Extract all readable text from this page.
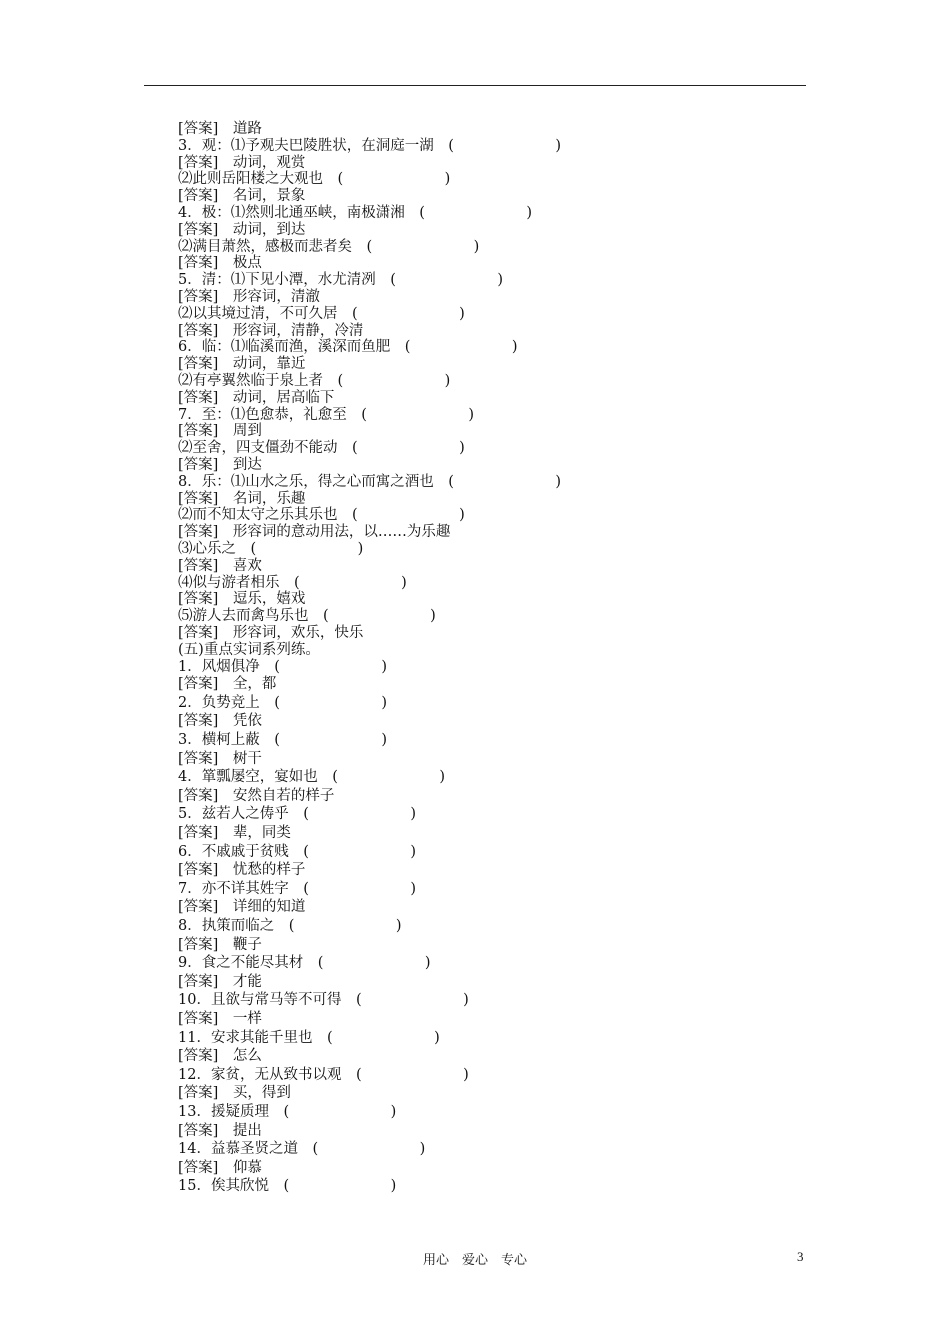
[答案]　道路
3．观：⑴予观夫巴陵胜状，在洞庭一湖　(　　　　　　　)
[答案]　动词，观赏
⑵此则岳阳楼之大观也　(　　　　　　　)
[答案]　名词，景象
4．极：⑴然则北通巫峡，南极潇湘　(　　　　　　　)
[答案]　动词，到达
⑵满目萧然，感极而悲者矣　(　　　　　　　)
[答案]　极点
5．清：⑴下见小潭，水尤清冽　(　　　　　　　)
[答案]　形容词，清澈
⑵以其境过清，不可久居　(　　　　　　　)
[答案]　形容词，清静，冷清
6．临：⑴临溪而渔，溪深而鱼肥　(　　　　　　　)
[答案]　动词，靠近
⑵有亭翼然临于泉上者　(　　　　　　　)
[答案]　动词，居高临下
7．至：⑴色愈恭，礼愈至　(　　　　　　　)
[答案]　周到
⑵至舍，四支僵劲不能动　(　　　　　　　)
[答案]　到达
8．乐：⑴山水之乐，得之心而寓之酒也　(　　　　　　　)
[答案]　名词，乐趣
⑵而不知太守之乐其乐也　(　　　　　　　)
[答案]　形容词的意动用法，以……为乐趣
⑶心乐之　(　　　　　　　)
[答案]　喜欢
⑷似与游者相乐　(　　　　　　　)
[答案]　逗乐，嬉戏
⑸游人去而禽鸟乐也　(　　　　　　　)
[答案]　形容词，欢乐，快乐
(五)重点实词系列练。
1．风烟俱净　(　　　　　　　)
[答案]　全，都
2．负势竞上　(　　　　　　　)
[答案]　凭依
3．横柯上蔽　(　　　　　　　)
[答案]　树干
4．箪瓢屡空，宴如也　(　　　　　　　)
[答案]　安然自若的样子
5．兹若人之俦乎　(　　　　　　　)
[答案]　辈，同类
6．不戚戚于贫贱　(　　　　　　　)
[答案]　忧愁的样子
7．亦不详其姓字　(　　　　　　　)
[答案]　详细的知道
8．执策而临之　(　　　　　　　)
[答案]　鞭子
9．食之不能尽其材　(　　　　　　　)
[答案]　才能
10．且欲与常马等不可得　(　　　　　　　)
[答案]　一样
11．安求其能千里也　(　　　　　　　)
[答案]　怎么
12．家贫，无从致书以观　(　　　　　　　)
[答案]　买，得到
13．援疑质理　(　　　　　　　)
[答案]　提出
14．益慕圣贤之道　(　　　　　　　)
[答案]　仰慕
15．俟其欣悦　(　　　　　　　)
用心　爱心　专心	3
